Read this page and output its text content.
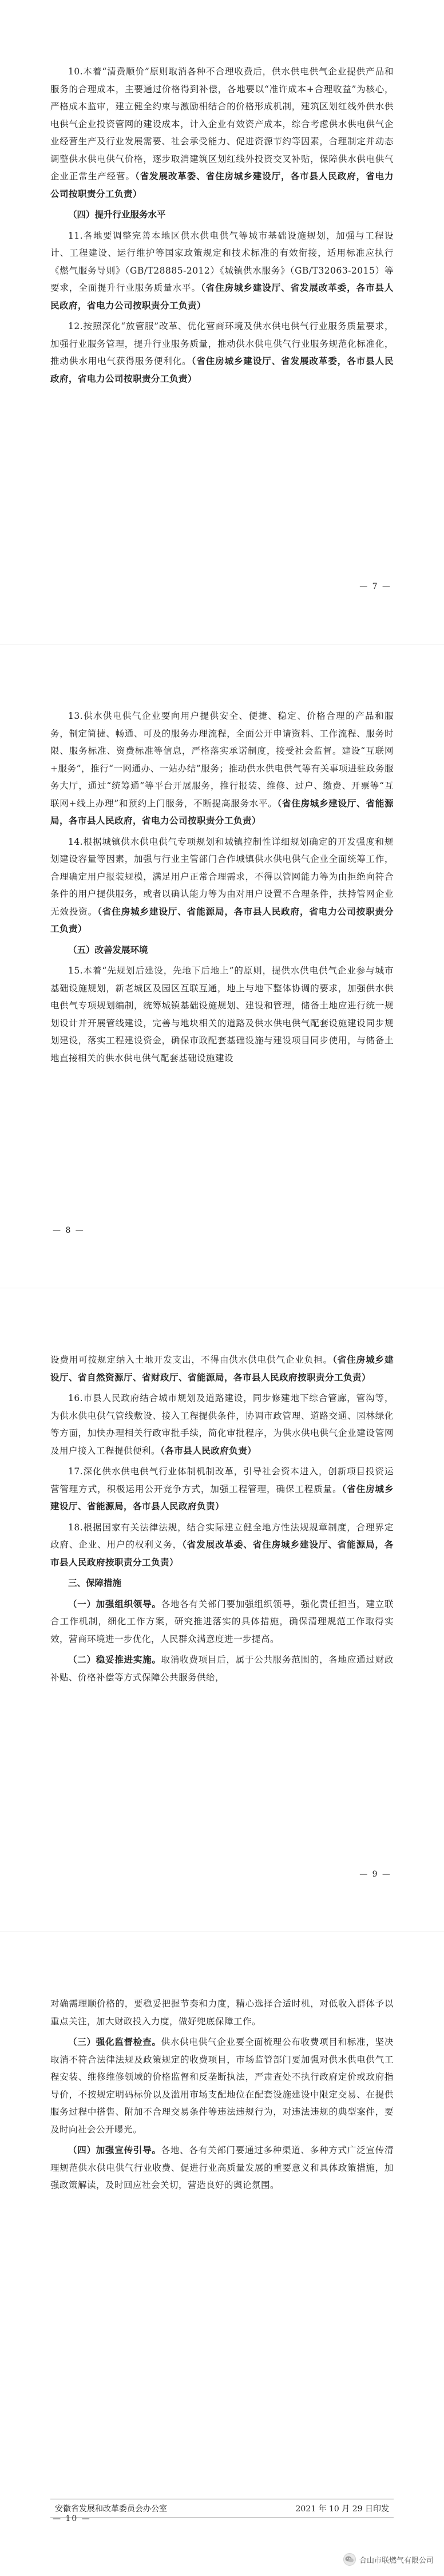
10.本着“清费顺价”原则取消各种不合理收费后，供水供电供气企业提供产品和服务的合理成本，主要通过价格得到补偿，各地要以“准许成本+合理收益”为核心，严格成本监审，建立健全约束与激励相结合的价格形成机制，建筑区划红线外供水供电供气企业投资管网的建设成本，计入企业有效资产成本，综合考虑供水供电供气企业经营生产及行业发展需要、社会承受能力、促进资源节约等因素，合理制定并动态调整供水供电供气价格，逐步取消建筑区划红线外投资交叉补贴，保障供水供电供气企业正常生产经营。（省发展改革委、省住房城乡建设厅，各市县人民政府，省电力公司按职责分工负责）

（四）提升行业服务水平

11.各地要调整完善本地区供水供电供气等城市基础设施规划，加强与工程设计、工程建设、运行维护等国家政策规定和技术标准的有效衔接，适用标准应执行《燃气服务导则》（GB/T28885-2012）《城镇供水服务》（GB/T32063-2015）等要求，全面提升行业服务质量水平。（省住房城乡建设厅、省发展改革委，各市县人民政府，省电力公司按职责分工负责）

12.按照深化“放管服”改革、优化营商环境及供水供电供气行业服务质量要求，加强行业服务管理，提升行业服务质量，推动供水供电供气行业服务规范化标准化，推动供水用电气获得服务便利化。（省住房城乡建设厅、省发展改革委，各市县人民政府，省电力公司按职责分工负责）

— 7 —

13.供水供电供气企业要向用户提供安全、便捷、稳定、价格合理的产品和服务，制定简捷、畅通、可及的服务办理流程，全面公开申请资料、工作流程、服务时限、服务标准、资费标准等信息，严格落实承诺制度，接受社会监督。建设“互联网+服务”，推行“一网通办、一站办结”服务；推动供水供电供气等有关事项进驻政务服务大厅，通过“统筹通”等平台开展服务，推行报装、维修、过户、缴费、开票等“互联网+线上办理”和预约上门服务，不断提高服务水平。（省住房城乡建设厅、省能源局，各市县人民政府，省电力公司按职责分工负责）

14.根据城镇供水供电供气专项规划和城镇控制性详细规划确定的开发强度和规划建设容量等因素，加强与行业主管部门合作城镇供水供电供气企业全面统筹工作，合理确定用户报装规模，满足用户正常合理需求，不得以管网能力等为由拒绝向符合条件的用户提供服务，或者以确认能力等为由对用户设置不合理条件，扶持管网企业无效投资。（省住房城乡建设厅、省能源局，各市县人民政府，省电力公司按职责分工负责）

（五）改善发展环境

15.本着“先规划后建设，先地下后地上”的原则，提供水供电供气企业参与城市基础设施规划，新老城区及园区互联互通，地上与地下整体协调的要求，加强供水供电供气专项规划编制，统筹城镇基础设施规划、建设和管理，储备土地应进行统一规划设计并开展管线建设，完善与地块相关的道路及供水供电供气配套设施建设同步规划建设，落实工程建设资金，确保市政配套基础设施与建设项目同步使用，与储备土地直接相关的供水供电供气配套基础设施建设

— 8 —

设费用可按规定纳入土地开发支出，不得由供水供电供气企业负担。（省住房城乡建设厅、省自然资源厅、省财政厅、省能源局，各市县人民政府按职责分工负责）

16.市县人民政府结合城市规划及道路建设，同步修建地下综合管廊，管沟等，为供水供电供气管线敷设、接入工程提供条件，协调市政管理、道路交通、园林绿化等方面，加快办理相关行政审批手续，简化审批程序，为供水供电供气企业建设管网及用户接入工程提供便利。（各市县人民政府负责）

17.深化供水供电供气行业体制机制改革，引导社会资本进入，创新项目投资运营管理方式，积极运用公开竞争方式，加强工程管理，确保工程质量。（省住房城乡建设厅、省能源局，各市县人民政府负责）

18.根据国家有关法律法规，结合实际建立健全地方性法规规章制度，合理界定政府、企业、用户的权利义务，（省发展改革委、省住房城乡建设厅、省能源局，各市县人民政府按职责分工负责）

三、保障措施

（一）加强组织领导。各地各有关部门要加强组织领导，强化责任担当，建立联合工作机制，细化工作方案，研究推进落实的具体措施，确保清理规范工作取得实效，营商环境进一步优化，人民群众满意度进一步提高。

（二）稳妥推进实施。取消收费项目后，属于公共服务范围的，各地应通过财政补贴、价格补偿等方式保障公共服务供给，

— 9 —

对确需理顺价格的，要稳妥把握节奏和力度，精心选择合适时机，对低收入群体予以重点关注，加大财政投入力度，做好兜底保障工作。

（三）强化监督检查。供水供电供气企业要全面梳理公布收费项目和标准，坚决取消不符合法律法规及政策规定的收费项目，市场监管部门要加强对供水供电供气工程安装、维修维修领域的价格监督和反垄断执法，严肃查处不执行政府定价或政府指导价，不按规定明码标价以及滥用市场支配地位在配套设施建设中限定交易、在提供服务过程中搭售、附加不合理交易条件等违法违规行为，对违法违规的典型案件，要及时向社会公开曝光。

（四）加强宣传引导。各地、各有关部门要通过多种渠道、多种方式广泛宣传清理规范供水供电供气行业收费、促进行业高质量发展的重要意义和具体政策措施，加强政策解读，及时回应社会关切，营造良好的舆论氛围。

安徽省发展和改革委员会办公室	2021 年 10 月 29 日印发
— 10 —
合山市联燃气有限公司
